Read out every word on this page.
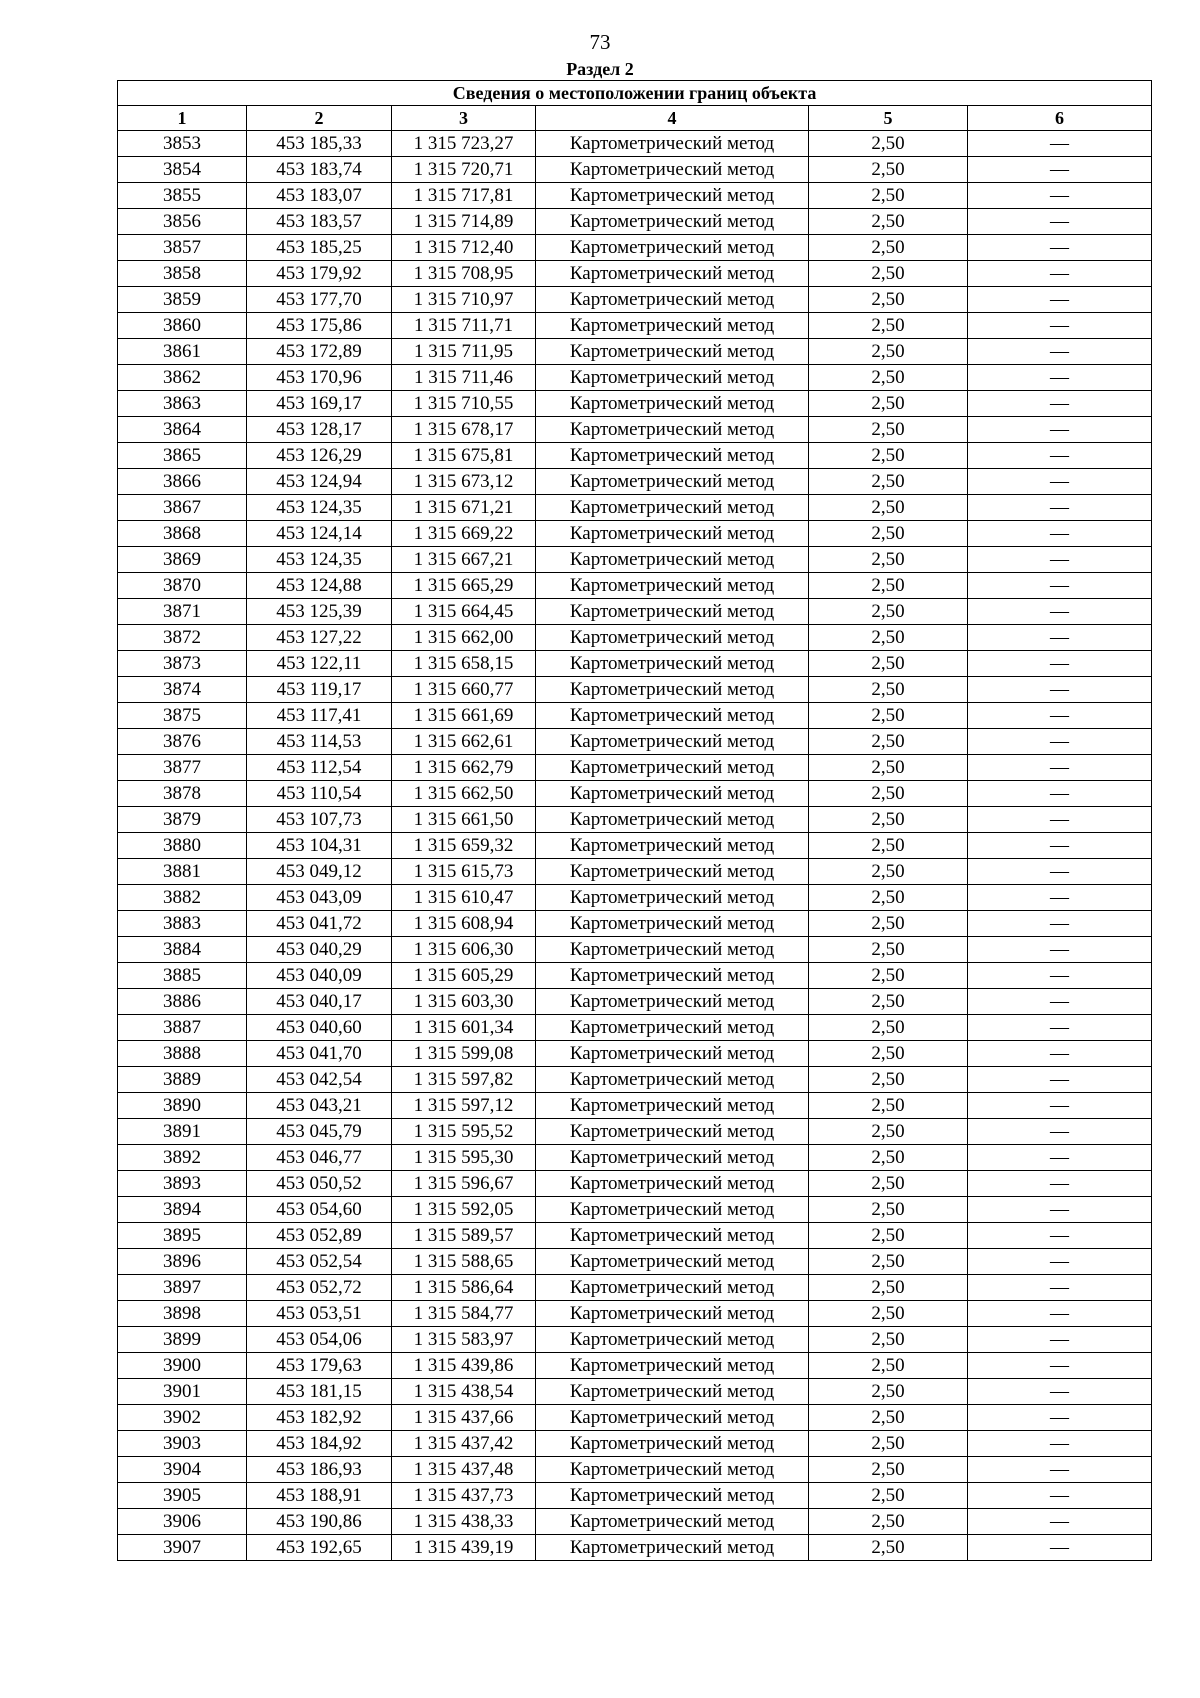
73
Раздел 2
Сведения о местоположении границ объекта					
1	2	3	4	5	6
3853	453 185,33	1 315 723,27	Картометрический метод	2,50	—
3854	453 183,74	1 315 720,71	Картометрический метод	2,50	—
3855	453 183,07	1 315 717,81	Картометрический метод	2,50	—
3856	453 183,57	1 315 714,89	Картометрический метод	2,50	—
3857	453 185,25	1 315 712,40	Картометрический метод	2,50	—
3858	453 179,92	1 315 708,95	Картометрический метод	2,50	—
3859	453 177,70	1 315 710,97	Картометрический метод	2,50	—
3860	453 175,86	1 315 711,71	Картометрический метод	2,50	—
3861	453 172,89	1 315 711,95	Картометрический метод	2,50	—
3862	453 170,96	1 315 711,46	Картометрический метод	2,50	—
3863	453 169,17	1 315 710,55	Картометрический метод	2,50	—
3864	453 128,17	1 315 678,17	Картометрический метод	2,50	—
3865	453 126,29	1 315 675,81	Картометрический метод	2,50	—
3866	453 124,94	1 315 673,12	Картометрический метод	2,50	—
3867	453 124,35	1 315 671,21	Картометрический метод	2,50	—
3868	453 124,14	1 315 669,22	Картометрический метод	2,50	—
3869	453 124,35	1 315 667,21	Картометрический метод	2,50	—
3870	453 124,88	1 315 665,29	Картометрический метод	2,50	—
3871	453 125,39	1 315 664,45	Картометрический метод	2,50	—
3872	453 127,22	1 315 662,00	Картометрический метод	2,50	—
3873	453 122,11	1 315 658,15	Картометрический метод	2,50	—
3874	453 119,17	1 315 660,77	Картометрический метод	2,50	—
3875	453 117,41	1 315 661,69	Картометрический метод	2,50	—
3876	453 114,53	1 315 662,61	Картометрический метод	2,50	—
3877	453 112,54	1 315 662,79	Картометрический метод	2,50	—
3878	453 110,54	1 315 662,50	Картометрический метод	2,50	—
3879	453 107,73	1 315 661,50	Картометрический метод	2,50	—
3880	453 104,31	1 315 659,32	Картометрический метод	2,50	—
3881	453 049,12	1 315 615,73	Картометрический метод	2,50	—
3882	453 043,09	1 315 610,47	Картометрический метод	2,50	—
3883	453 041,72	1 315 608,94	Картометрический метод	2,50	—
3884	453 040,29	1 315 606,30	Картометрический метод	2,50	—
3885	453 040,09	1 315 605,29	Картометрический метод	2,50	—
3886	453 040,17	1 315 603,30	Картометрический метод	2,50	—
3887	453 040,60	1 315 601,34	Картометрический метод	2,50	—
3888	453 041,70	1 315 599,08	Картометрический метод	2,50	—
3889	453 042,54	1 315 597,82	Картометрический метод	2,50	—
3890	453 043,21	1 315 597,12	Картометрический метод	2,50	—
3891	453 045,79	1 315 595,52	Картометрический метод	2,50	—
3892	453 046,77	1 315 595,30	Картометрический метод	2,50	—
3893	453 050,52	1 315 596,67	Картометрический метод	2,50	—
3894	453 054,60	1 315 592,05	Картометрический метод	2,50	—
3895	453 052,89	1 315 589,57	Картометрический метод	2,50	—
3896	453 052,54	1 315 588,65	Картометрический метод	2,50	—
3897	453 052,72	1 315 586,64	Картометрический метод	2,50	—
3898	453 053,51	1 315 584,77	Картометрический метод	2,50	—
3899	453 054,06	1 315 583,97	Картометрический метод	2,50	—
3900	453 179,63	1 315 439,86	Картометрический метод	2,50	—
3901	453 181,15	1 315 438,54	Картометрический метод	2,50	—
3902	453 182,92	1 315 437,66	Картометрический метод	2,50	—
3903	453 184,92	1 315 437,42	Картометрический метод	2,50	—
3904	453 186,93	1 315 437,48	Картометрический метод	2,50	—
3905	453 188,91	1 315 437,73	Картометрический метод	2,50	—
3906	453 190,86	1 315 438,33	Картометрический метод	2,50	—
3907	453 192,65	1 315 439,19	Картометрический метод	2,50	—
